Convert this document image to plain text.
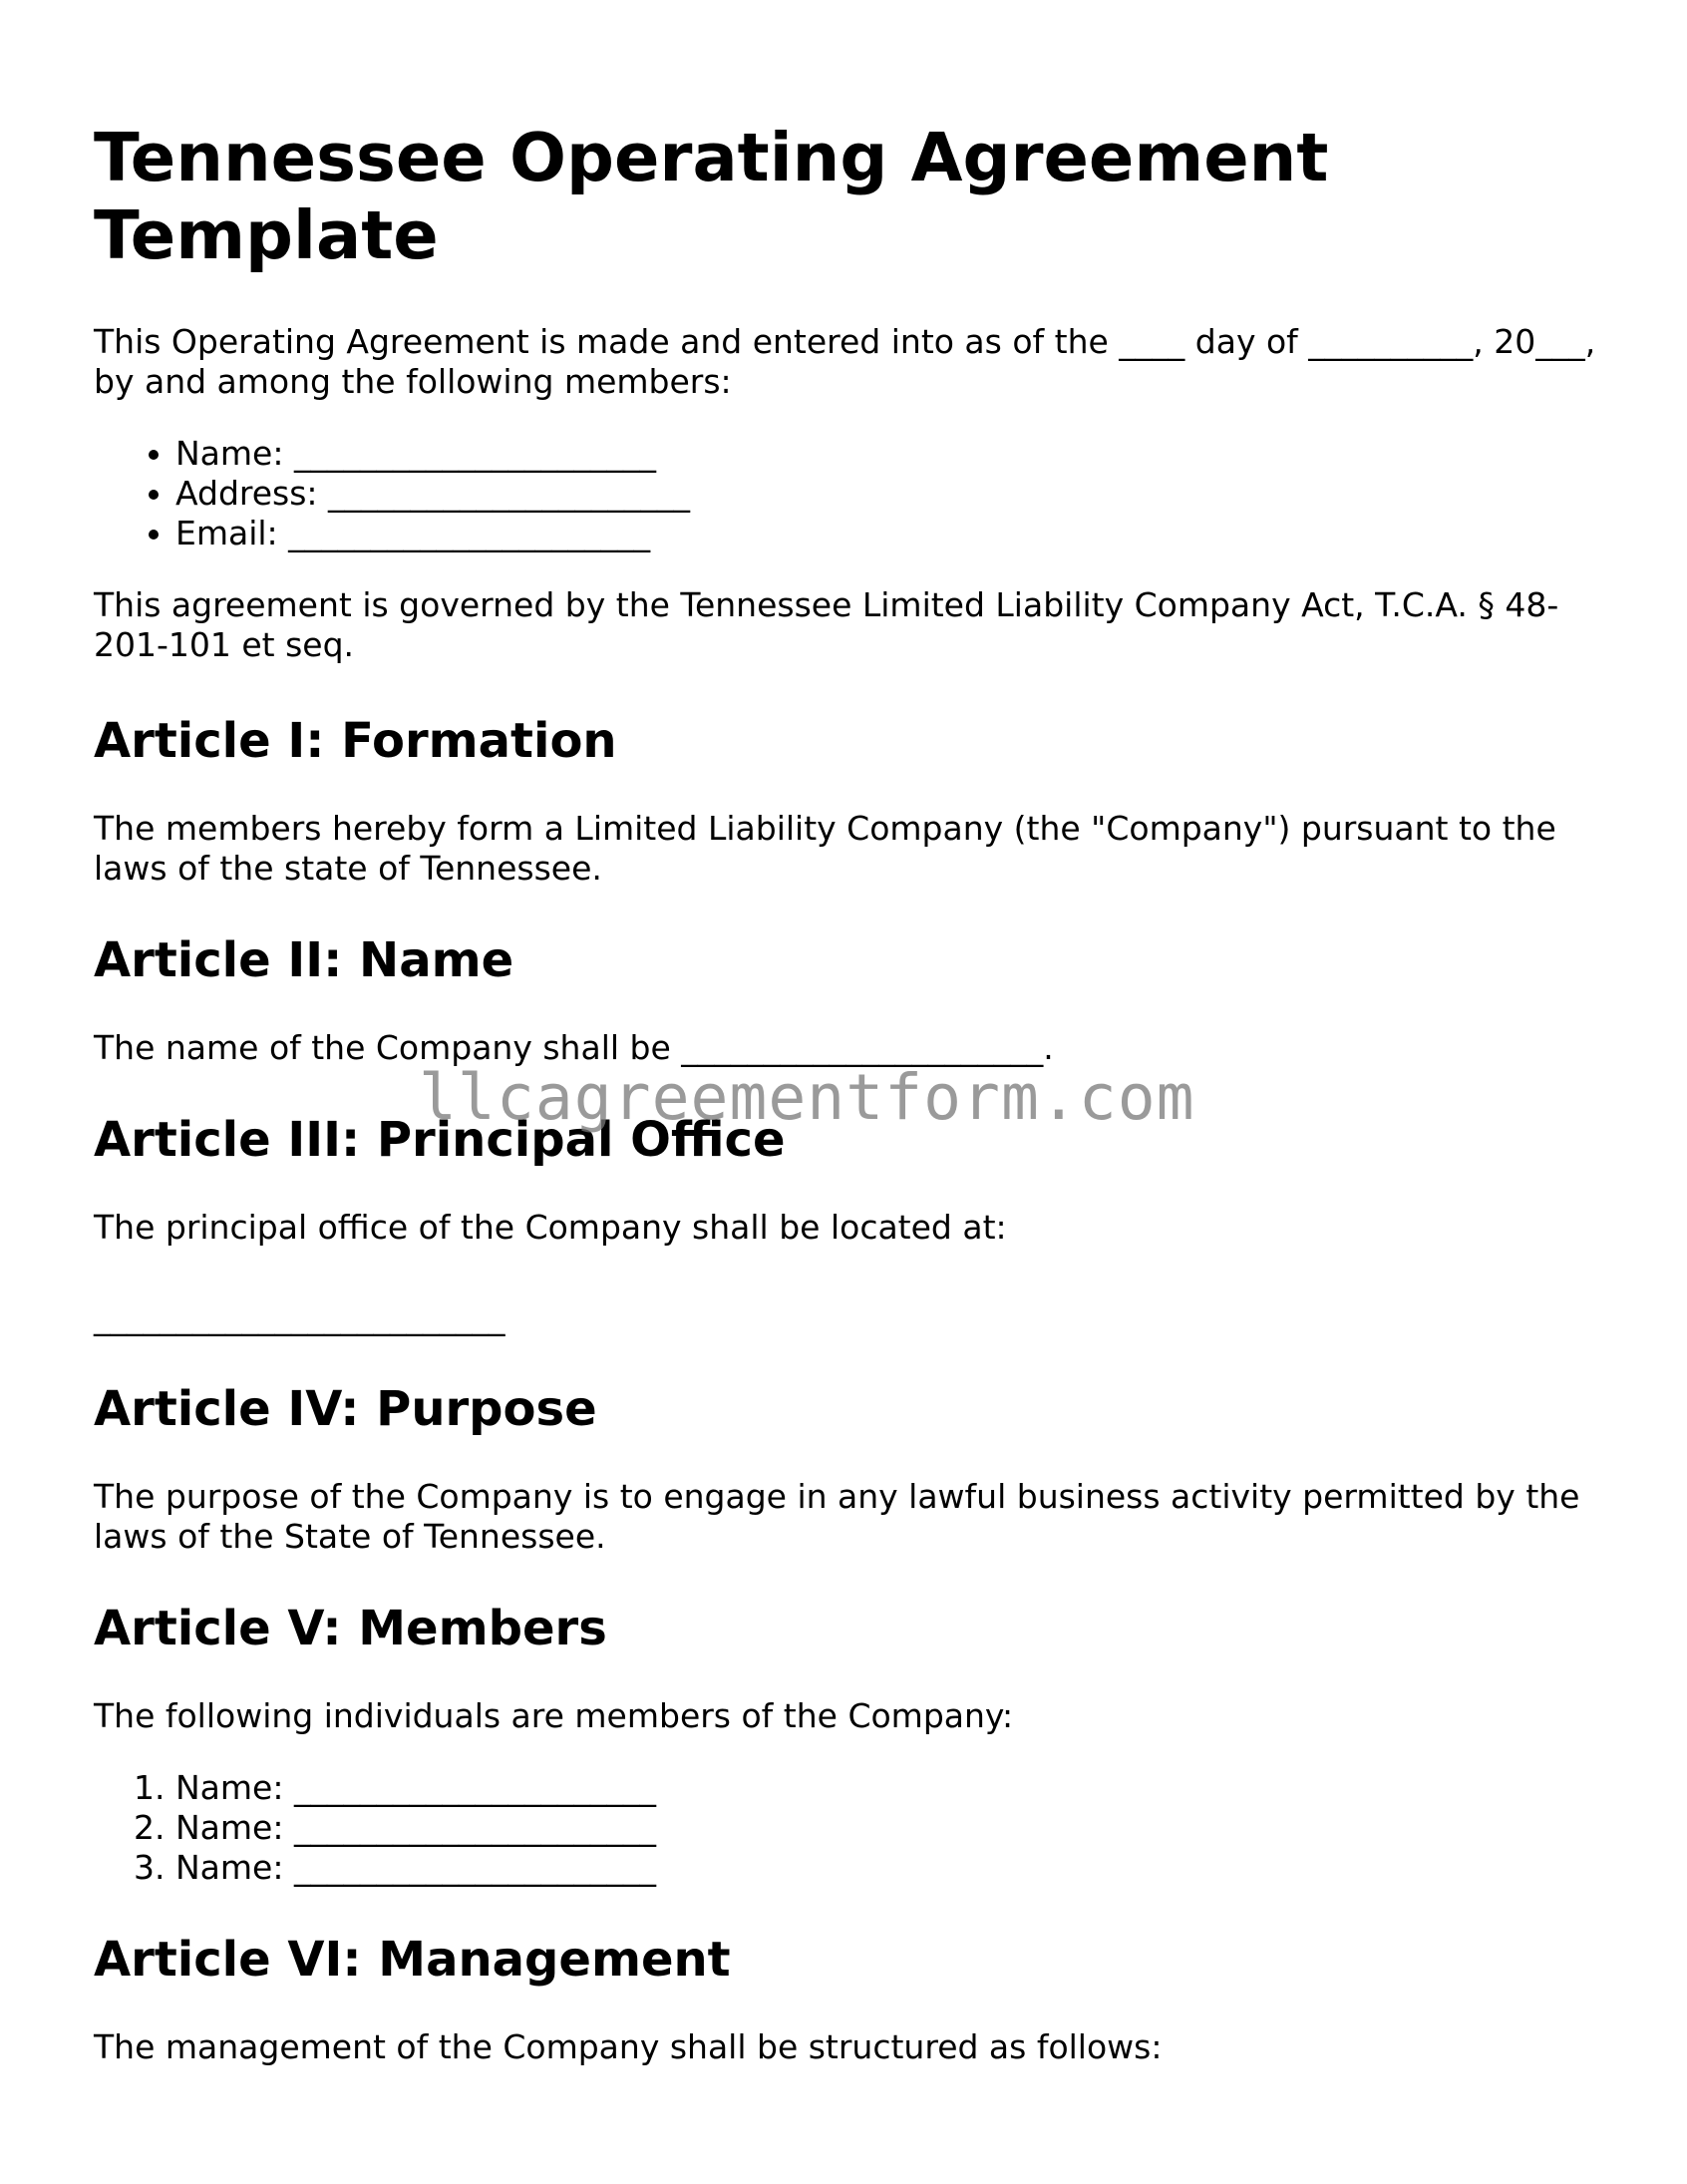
Tennessee Operating Agreement Template

This Operating Agreement is made and entered into as of the ____ day of __________, 20___, by and among the following members:

• Name: ______________________
• Address: ______________________
• Email: ______________________

This agreement is governed by the Tennessee Limited Liability Company Act, T.C.A. § 48-201-101 et seq.

Article I: Formation

The members hereby form a Limited Liability Company (the "Company") pursuant to the laws of the state of Tennessee.

Article II: Name

The name of the Company shall be ______________________.

Article III: Principal Office

The principal office of the Company shall be located at:

_________________________

Article IV: Purpose

The purpose of the Company is to engage in any lawful business activity permitted by the laws of the State of Tennessee.

Article V: Members

The following individuals are members of the Company:

1. Name: ______________________
2. Name: ______________________
3. Name: ______________________
Article VI: Management

The management of the Company shall be structured as follows:

llcagreementform.com
